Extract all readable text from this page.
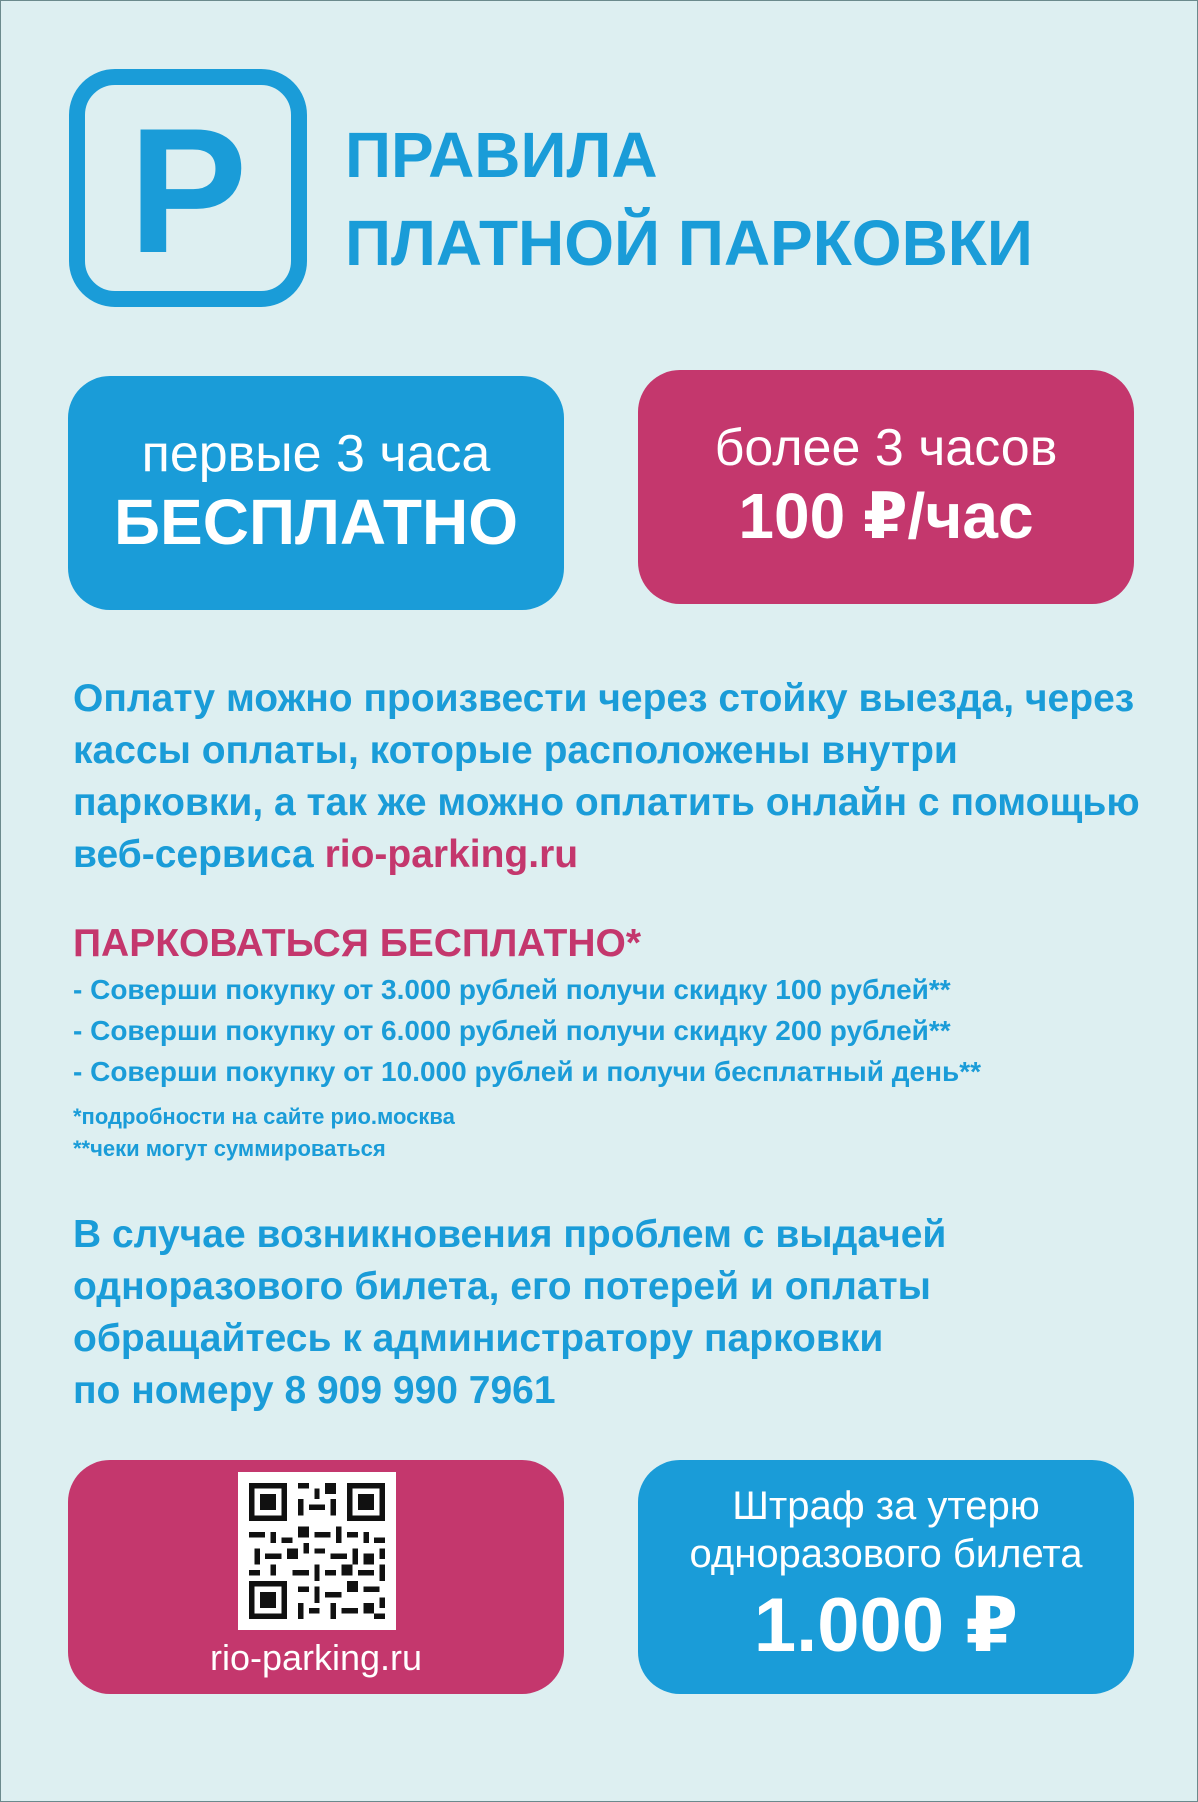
P ПРАВИЛА
ПЛАТНОЙ ПАРКОВКИ
первые 3 часа
БЕСПЛАТНО
более 3 часов
100 ₽/час
Оплату можно произвести через стойку выезда, через кассы оплаты, которые расположены внутри парковки, а так же можно оплатить онлайн с помощью веб-сервиса rio-parking.ru
ПАРКОВАТЬСЯ БЕСПЛАТНО*
- Соверши покупку от 3.000 рублей получи скидку 100 рублей**
- Соверши покупку от 6.000 рублей получи скидку 200 рублей**
- Соверши покупку от 10.000 рублей и получи бесплатный день**
*подробности на сайте рио.москва
**чеки могут суммироваться
В случае возникновения проблем с выдачей
одноразового билета, его потерей и оплаты
обращайтесь к администратору парковки
по номеру 8 909 990 7961
rio-parking.ru
Штраф за утерю
одноразового билета
1.000 ₽
